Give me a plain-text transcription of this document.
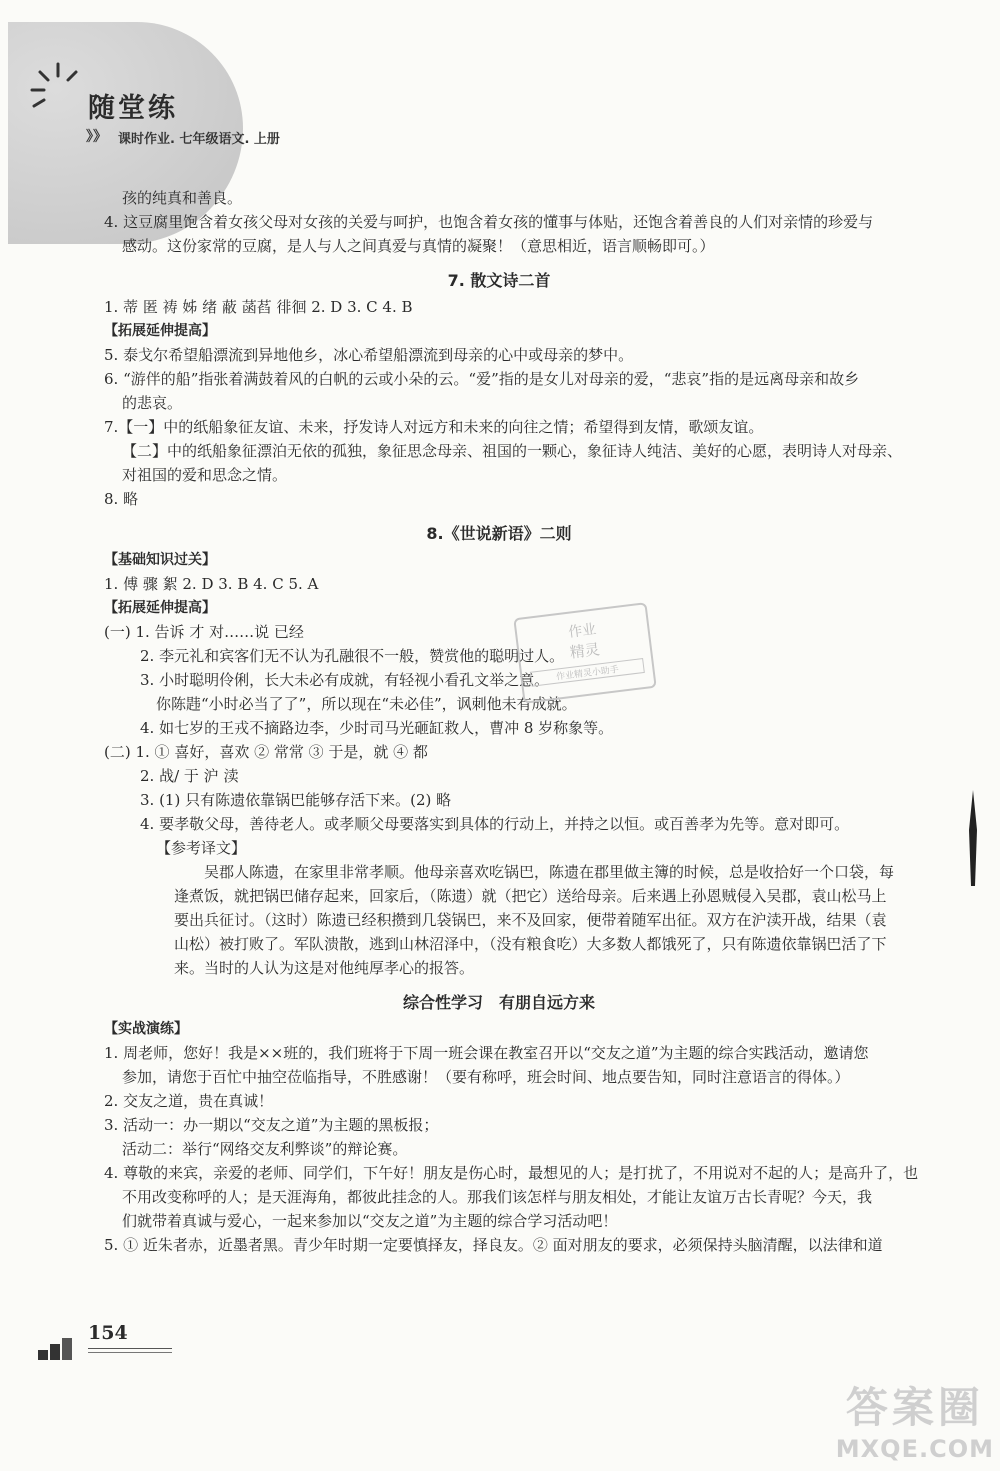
随堂练
》》 课时作业. 七年级语文. 上册
孩的纯真和善良。
4. 这豆腐里饱含着女孩父母对女孩的关爱与呵护，也饱含着女孩的懂事与体贴，还饱含着善良的人们对亲情的珍爱与
感动。这份家常的豆腐，是人与人之间真爱与真情的凝聚！（意思相近，语言顺畅即可。）
7. 散文诗二首
1. 蒂 匿 祷 姊 绪 蔽 菡萏 徘徊 2. D 3. C 4. B
【拓展延伸提高】
5. 泰戈尔希望船漂流到异地他乡，冰心希望船漂流到母亲的心中或母亲的梦中。
6. “游伴的船”指张着满鼓着风的白帆的云或小朵的云。“爱”指的是女儿对母亲的爱，“悲哀”指的是远离母亲和故乡
的悲哀。
7.【一】中的纸船象征友谊、未来，抒发诗人对远方和未来的向往之情；希望得到友情，歌颂友谊。
【二】中的纸船象征漂泊无依的孤独，象征思念母亲、祖国的一颗心，象征诗人纯洁、美好的心愿，表明诗人对母亲、
对祖国的爱和思念之情。
8. 略
8.《世说新语》二则
【基础知识过关】
1. 傅 骤 絮 2. D 3. B 4. C 5. A
【拓展延伸提高】
(一) 1. 告诉 才 对……说 已经
2. 李元礼和宾客们无不认为孔融很不一般，赞赏他的聪明过人。
3. 小时聪明伶俐，长大未必有成就，有轻视小看孔文举之意。
你陈韪“小时必当了了”，所以现在“未必佳”，讽刺他未有成就。
4. 如七岁的王戎不摘路边李，少时司马光砸缸救人，曹冲 8 岁称象等。
(二) 1. ① 喜好，喜欢 ② 常常 ③ 于是，就 ④ 都
2. 战/ 于 沪 渎
3. (1) 只有陈遗依靠锅巴能够存活下来。(2) 略
4. 要孝敬父母，善待老人。或孝顺父母要落实到具体的行动上，并持之以恒。或百善孝为先等。意对即可。
【参考译文】
吴郡人陈遗，在家里非常孝顺。他母亲喜欢吃锅巴，陈遗在郡里做主簿的时候，总是收拾好一个口袋，每逢煮饭，就把锅巴储存起来，回家后，（陈遗）就（把它）送给母亲。后来遇上孙恩贼侵入吴郡，袁山松马上要出兵征讨。（这时）陈遗已经积攒到几袋锅巴，来不及回家，便带着随军出征。双方在沪渎开战，结果（袁山松）被打败了。军队溃散，逃到山林沼泽中，（没有粮食吃）大多数人都饿死了，只有陈遗依靠锅巴活了下来。当时的人认为这是对他纯厚孝心的报答。
综合性学习　有朋自远方来
【实战演练】
1. 周老师，您好！我是××班的，我们班将于下周一班会课在教室召开以“交友之道”为主题的综合实践活动，邀请您
参加，请您于百忙中抽空莅临指导，不胜感谢！（要有称呼，班会时间、地点要告知，同时注意语言的得体。）
2. 交友之道，贵在真诚！
3. 活动一：办一期以“交友之道”为主题的黑板报；
活动二：举行“网络交友利弊谈”的辩论赛。
4. 尊敬的来宾，亲爱的老师、同学们，下午好！朋友是伤心时，最想见的人；是打扰了，不用说对不起的人；是高升了，也
不用改变称呼的人；是天涯海角，都彼此挂念的人。那我们该怎样与朋友相处，才能让友谊万古长青呢？今天，我
们就带着真诚与爱心，一起来参加以“交友之道”为主题的综合学习活动吧！
5. ① 近朱者赤，近墨者黑。青少年时期一定要慎择友，择良友。② 面对朋友的要求，必须保持头脑清醒，以法律和道
作业
精灵
作业精灵小助手
154
答案圈
MXQE.COM
